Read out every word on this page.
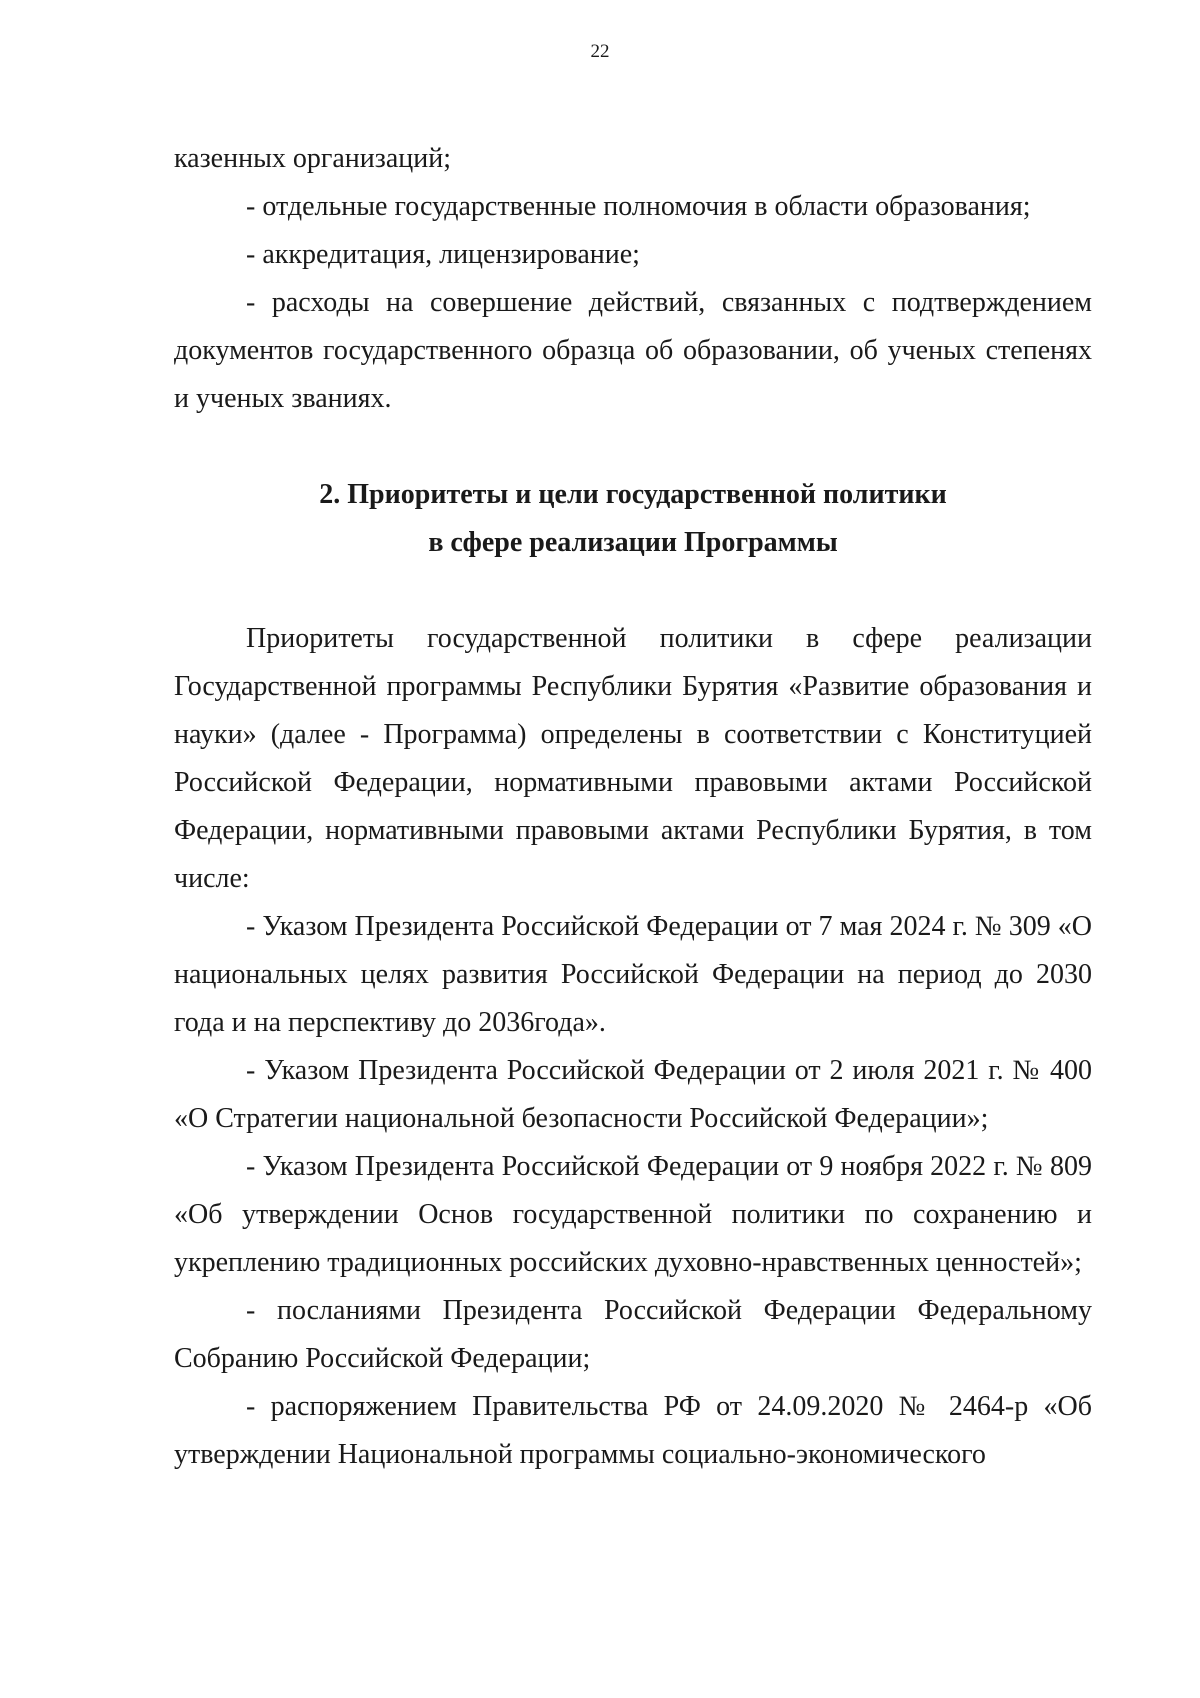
22

казенных организаций;

- отдельные государственные полномочия в области образования;

- аккредитация, лицензирование;

- расходы на совершение действий, связанных с подтверждением документов государственного образца об образовании, об ученых степенях и ученых званиях.

2. Приоритеты и цели государственной политики

в сфере реализации Программы

Приоритеты государственной политики в сфере реализации Государственной программы Республики Бурятия «Развитие образования и науки» (далее - Программа) определены в соответствии с Конституцией Российской Федерации, нормативными правовыми актами Российской Федерации, нормативными правовыми актами Республики Бурятия, в том числе:

- Указом Президента Российской Федерации от 7 мая 2024 г. № 309 «О национальных целях развития Российской Федерации на период до 2030 года и на перспективу до 2036года».

- Указом Президента Российской Федерации от 2 июля 2021 г. № 400 «О Стратегии национальной безопасности Российской Федерации»;

- Указом Президента Российской Федерации от 9 ноября 2022 г. № 809 «Об утверждении Основ государственной политики по сохранению и укреплению традиционных российских духовно-нравственных ценностей»;

- посланиями Президента Российской Федерации Федеральному Собранию Российской Федерации;

- распоряжением Правительства РФ от 24.09.2020 № 2464-р «Об утверждении Национальной программы социально-экономического
